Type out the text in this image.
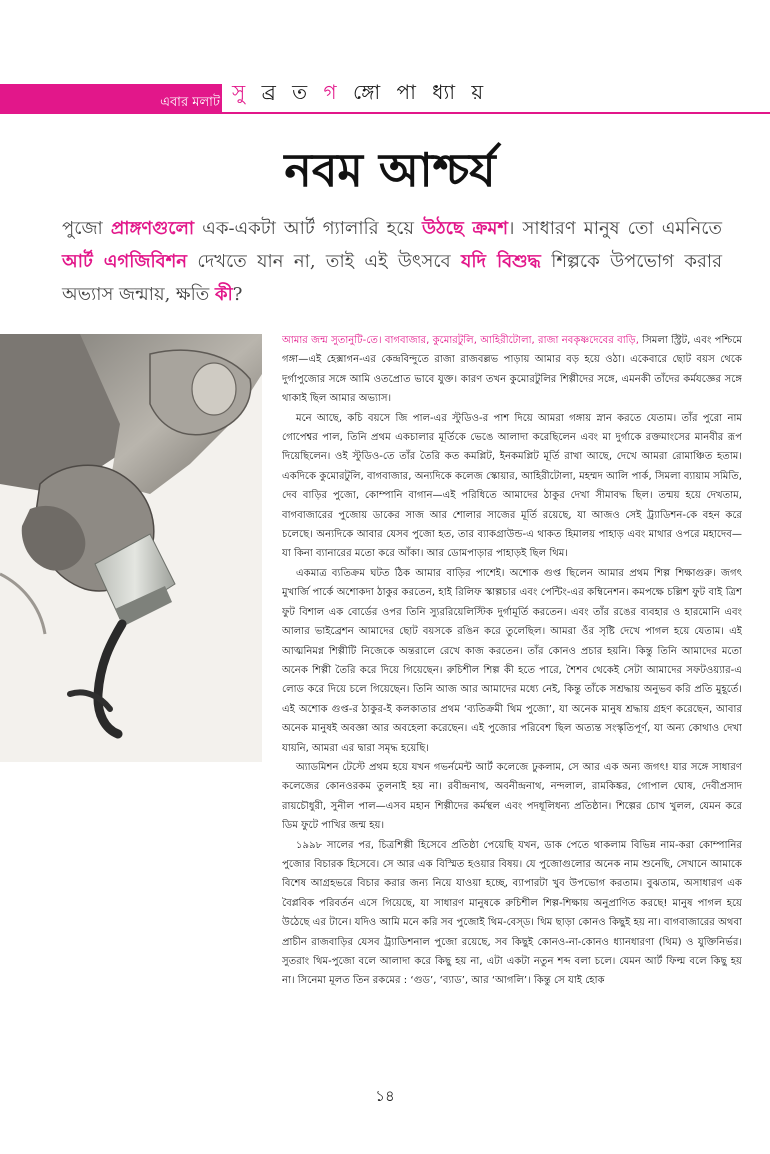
এবার মলাট সু ব্র ত গ ঙ্গো পা ধ্যা য়
নবম আশ্চর্য
পুজো প্রাঙ্গণগুলো এক-একটা আর্ট গ্যালারি হয়ে উঠছে ক্রমশ। সাধারণ মানুষ তো এমনিতে আর্ট এগজিবিশন দেখতে যান না, তাই এই উৎসবে যদি বিশুদ্ধ শিল্পকে উপভোগ করার অভ্যাস জন্মায়, ক্ষতি কী?

আমার জন্ম সুতানুটি-তে। বাগবাজার, কুমোরটুলি, আহিরীটোলা, রাজা নবকৃষ্ণদেবের বাড়ি, সিমলা স্ট্রিট, এবং পশ্চিমে গঙ্গা—এই হেক্সাগন-এর কেন্দ্রবিন্দুতে রাজা রাজবল্লভ পাড়ায় আমার বড় হয়ে ওঠা। একেবারে ছোট বয়স থেকে দুর্গাপুজোর সঙ্গে আমি ওতপ্রোত ভাবে যুক্ত। কারণ তখন কুমোরটুলির শিল্পীদের সঙ্গে, এমনকী তাঁদের কর্মযজ্ঞের সঙ্গে থাকাই ছিল আমার অভ্যাস।

মনে আছে, কচি বয়সে জি পাল-এর স্টুডিও-র পাশ দিয়ে আমরা গঙ্গায় স্নান করতে যেতাম। তাঁর পুরো নাম গোপেশ্বর পাল, তিনি প্রথম একচালার মূর্তিকে ভেঙে আলাদা করেছিলেন এবং মা দুর্গাকে রক্তমাংসের মানবীর রূপ দিয়েছিলেন। ওই স্টুডিও-তে তাঁর তৈরি কত কমপ্লিট, ইনকমপ্লিট মূর্তি রাখা আছে, দেখে আমরা রোমাঞ্চিত হতাম। একদিকে কুমোরটুলি, বাগবাজার, অন্যদিকে কলেজ স্কোয়ার, আহিরীটোলা, মহম্মদ আলি পার্ক, সিমলা ব্যায়াম সমিতি, দেব বাড়ির পুজো, কোম্পানি বাগান—এই পরিধিতে আমাদের ঠাকুর দেখা সীমাবদ্ধ ছিল। তন্ময় হয়ে দেখতাম, বাগবাজারের পুজোয় ডাকের সাজ আর শোলার সাজের মূর্তি রয়েছে, যা আজও সেই ট্র্যাডিশন-কে বহন করে চলেছে। অন্যদিকে আবার যেসব পুজো হত, তার ব্যাকগ্রাউন্ড-এ থাকত হিমালয় পাহাড় এবং মাথার ওপরে মহাদেব—যা কিনা ব্যানারের মতো করে আঁকা। আর ডোমপাড়ার পাহাড়ই ছিল থিম।

একমাত্র ব্যতিক্রম ঘটত ঠিক আমার বাড়ির পাশেই। অশোক গুপ্ত ছিলেন আমার প্রথম শিল্প শিক্ষাগুরু। জগৎ মুখার্জি পার্কে অশোকদা ঠাকুর করতেন, হাই রিলিফ স্কাল্পচার এবং পেন্টিং-এর কম্বিনেশন। কমপক্ষে চল্লিশ ফুট বাই ত্রিশ ফুট বিশাল এক বোর্ডের ওপর তিনি স্যুররিয়েলিস্টিক দুর্গামূর্তি করতেন। এবং তাঁর রঙের ব্যবহার ও হারমোনি এবং আলার ভাইব্রেশন আমাদের ছোট বয়সকে রঙিন করে তুলেছিল। আমরা ওঁর সৃষ্টি দেখে পাগল হয়ে যেতাম। এই আত্মনিমগ্ন শিল্পীটি নিজেকে অন্তরালে রেখে কাজ করতেন। তাঁর কোনও প্রচার হয়নি। কিন্তু তিনি আমাদের মতো অনেক শিল্পী তৈরি করে দিয়ে গিয়েছেন। রুচিশীল শিল্প কী হতে পারে, শৈশব থেকেই সেটা আমাদের সফটওয়্যার-এ লোড করে দিয়ে চলে গিয়েছেন। তিনি আজ আর আমাদের মধ্যে নেই, কিন্তু তাঁকে সশ্রদ্ধায় অনুভব করি প্রতি মুহূর্তে। এই অশোক গুপ্ত-র ঠাকুর-ই কলকাতার প্রথম ‘ব্যতিক্রমী থিম পুজো’, যা অনেক মানুষ শ্রদ্ধায় গ্রহণ করেছেন, আবার অনেক মানুষই অবজ্ঞা আর অবহেলা করেছেন। এই পুজোর পরিবেশ ছিল অত্যন্ত সংস্কৃতিপূর্ণ, যা অন্য কোথাও দেখা যায়নি, আমরা এর দ্বারা সমৃদ্ধ হয়েছি।

অ্যাডমিশন টেস্টে প্রথম হয়ে যখন গভর্নমেন্ট আর্ট কলেজে ঢুকলাম, সে আর এক অন্য জগৎ! যার সঙ্গে সাধারণ কলেজের কোনওরকম তুলনাই হয় না। রবীন্দ্রনাথ, অবনীন্দ্রনাথ, নন্দলাল, রামকিঙ্কর, গোপাল ঘোষ, দেবীপ্রসাদ রায়চৌধুরী, সুনীল পাল—এসব মহান শিল্পীদের কর্মস্থল এবং পদধূলিধন্য প্রতিষ্ঠান। শিল্পের চোখ খুলল, যেমন করে ডিম ফুটে পাখির জন্ম হয়।

১৯৯৮ সালের পর, চিত্রশিল্পী হিসেবে প্রতিষ্ঠা পেয়েছি যখন, ডাক পেতে থাকলাম বিভিন্ন নাম-করা কোম্পানির পুজোর বিচারক হিসেবে। সে আর এক বিস্মিত হওয়ার বিষয়। যে পুজোগুলোর অনেক নাম শুনেছি, সেখানে আমাকে বিশেষ আগ্রহভরে বিচার করার জন্য নিয়ে যাওয়া হচ্ছে, ব্যাপারটা খুব উপভোগ করতাম। বুঝতাম, অসাধারণ এক বৈপ্লবিক পরিবর্তন এসে গিয়েছে, যা সাধারণ মানুষকে রুচিশীল শিল্প-শিক্ষায় অনুপ্রাণিত করছে! মানুষ পাগল হয়ে উঠেছে এর টানে। যদিও আমি মনে করি সব পুজোই থিম-বেস্‌ড। থিম ছাড়া কোনও কিছুই হয় না। বাগবাজারের অথবা প্রাচীন রাজবাড়ির যেসব ট্র্যাডিশনাল পুজো রয়েছে, সব কিছুই কোনও-না-কোনও ধ্যানধারণা (থিম) ও যুক্তিনির্ভর। সুতরাং থিম-পুজো বলে আলাদা করে কিছু হয় না, এটা একটা নতুন শব্দ বলা চলে। যেমন আর্ট ফিল্ম বলে কিছু হয় না। সিনেমা মূলত তিন রকমের : ‘গুড’, ‘ব্যাড’, আর ‘আগলি’। কিন্তু সে যাই হোক

১৪
